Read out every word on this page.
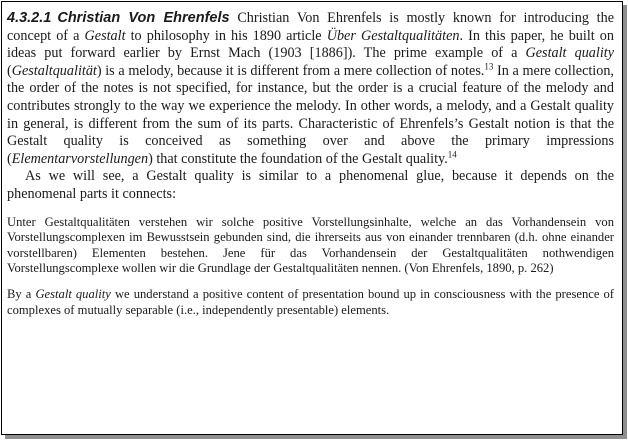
4.3.2.1 Christian Von Ehrenfels Christian Von Ehrenfels is mostly known for introducing the concept of a Gestalt to philosophy in his 1890 article Über Gestaltqualitäten. In this paper, he built on ideas put forward earlier by Ernst Mach (1903 [1886]). The prime example of a Gestalt quality (Gestaltqualität) is a melody, because it is different from a mere collection of notes.$^{13}$ In a mere collection, the order of the notes is not specified, for instance, but the order is a crucial feature of the melody and contributes strongly to the way we experience the melody. In other words, a melody, and a Gestalt quality in general, is different from the sum of its parts. Characteristic of Ehrenfels’s Gestalt notion is that the Gestalt quality is conceived as something over and above the primary impressions (Elementarvorstellungen) that constitute the foundation of the Gestalt quality.$^{14}$

As we will see, a Gestalt quality is similar to a phenomenal glue, because it depends on the phenomenal parts it connects:

Unter Gestaltqualitäten verstehen wir solche positive Vorstellungsinhalte, welche an das Vorhandensein von Vorstellungscomplexen im Bewusstsein gebunden sind, die ihrerseits aus von einander trennbaren (d.h. ohne einander vorstellbaren) Elementen bestehen. Jene für das Vorhandensein der Gestaltqualitäten nothwendigen Vorstellungscomplexe wollen wir die Grundlage der Gestaltqualitäten nennen. (Von Ehrenfels, 1890, p. 262)

By a Gestalt quality we understand a positive content of presentation bound up in consciousness with the presence of complexes of mutually separable (i.e., independently presentable) elements.
